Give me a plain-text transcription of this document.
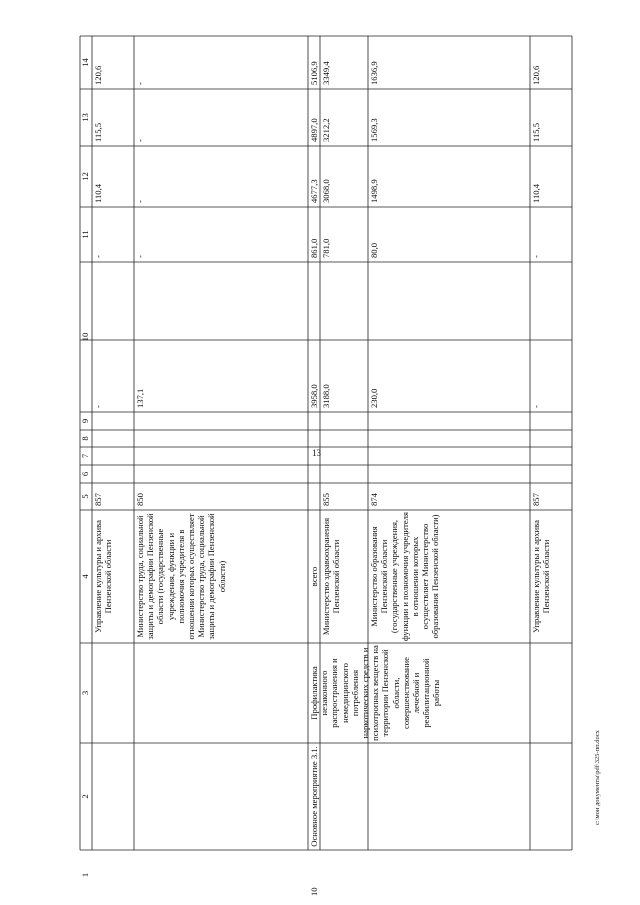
1
2
3
4
5
6
7
8
9
10
11
12
13
14
Управление культуры и архива Пензенской области
857
-
-
110,4
115,5
120,6
Министерство труда, социальной защиты и демографии Пензенской области (государственные учреждения, функции и полномочия учредителя в отношении которых осуществляет Министерство труда, социальной защиты и демографии Пензенской области)
850
137,1
-
-
-
-
10
Основное мероприятие 3.1.
Профилактика незаконного распространения и немедицинского потребления наркотических средств и психотропных веществ на территории Пензенской области, совершенствование лечебной и реабилитационной работы
всего
3958,0
861,0
4677,3
4897,0
5106,9
Министерство здравоохранения Пензенской области
855
3188,0
781,0
3068,0
3212,2
3349,4
Министерство образования Пензенской области (государственные учреждения, функции и полномочия учредителя в отношении которых осуществляет Министерство образования Пензенской области)
874
230,0
80,0
1498,9
1569,3
1636,9
Управление культуры и архива Пензенской области
857
-
-
110,4
115,5
120,6
13
c:\мои документы\pdf\325-пп.docx
